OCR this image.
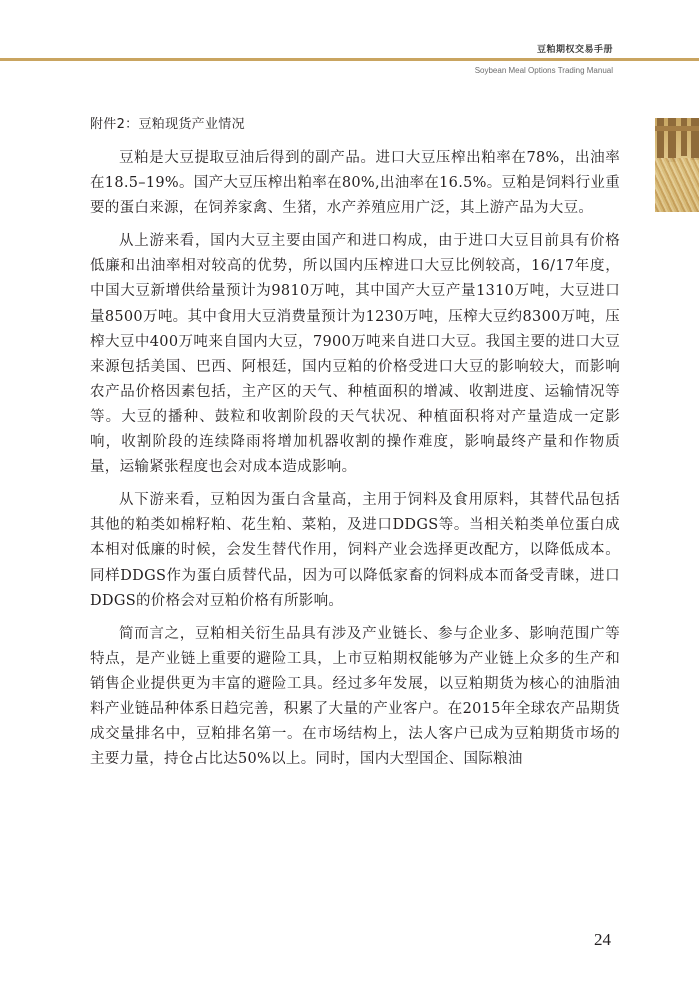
豆粕期权交易手册
Soybean Meal Options Trading Manual
附件2：豆粕现货产业情况

豆粕是大豆提取豆油后得到的副产品。进口大豆压榨出粕率在78%，出油率在18.5–19%。国产大豆压榨出粕率在80%,出油率在16.5%。豆粕是饲料行业重要的蛋白来源，在饲养家禽、生猪，水产养殖应用广泛，其上游产品为大豆。

从上游来看，国内大豆主要由国产和进口构成，由于进口大豆目前具有价格低廉和出油率相对较高的优势，所以国内压榨进口大豆比例较高，16/17年度，中国大豆新增供给量预计为9810万吨，其中国产大豆产量1310万吨，大豆进口量8500万吨。其中食用大豆消费量预计为1230万吨，压榨大豆约8300万吨，压榨大豆中400万吨来自国内大豆，7900万吨来自进口大豆。我国主要的进口大豆来源包括美国、巴西、阿根廷，国内豆粕的价格受进口大豆的影响较大，而影响农产品价格因素包括，主产区的天气、种植面积的增减、收割进度、运输情况等等。大豆的播种、鼓粒和收割阶段的天气状况、种植面积将对产量造成一定影响，收割阶段的连续降雨将增加机器收割的操作难度，影响最终产量和作物质量，运输紧张程度也会对成本造成影响。

从下游来看，豆粕因为蛋白含量高，主用于饲料及食用原料，其替代品包括其他的粕类如棉籽粕、花生粕、菜粕，及进口DDGS等。当相关粕类单位蛋白成本相对低廉的时候，会发生替代作用，饲料产业会选择更改配方，以降低成本。同样DDGS作为蛋白质替代品，因为可以降低家畜的饲料成本而备受青睐，进口DDGS的价格会对豆粕价格有所影响。

简而言之，豆粕相关衍生品具有涉及产业链长、参与企业多、影响范围广等特点，是产业链上重要的避险工具，上市豆粕期权能够为产业链上众多的生产和销售企业提供更为丰富的避险工具。经过多年发展，以豆粕期货为核心的油脂油料产业链品种体系日趋完善，积累了大量的产业客户。在2015年全球农产品期货成交量排名中，豆粕排名第一。在市场结构上，法人客户已成为豆粕期货市场的主要力量，持仓占比达50%以上。同时，国内大型国企、国际粮油

24
